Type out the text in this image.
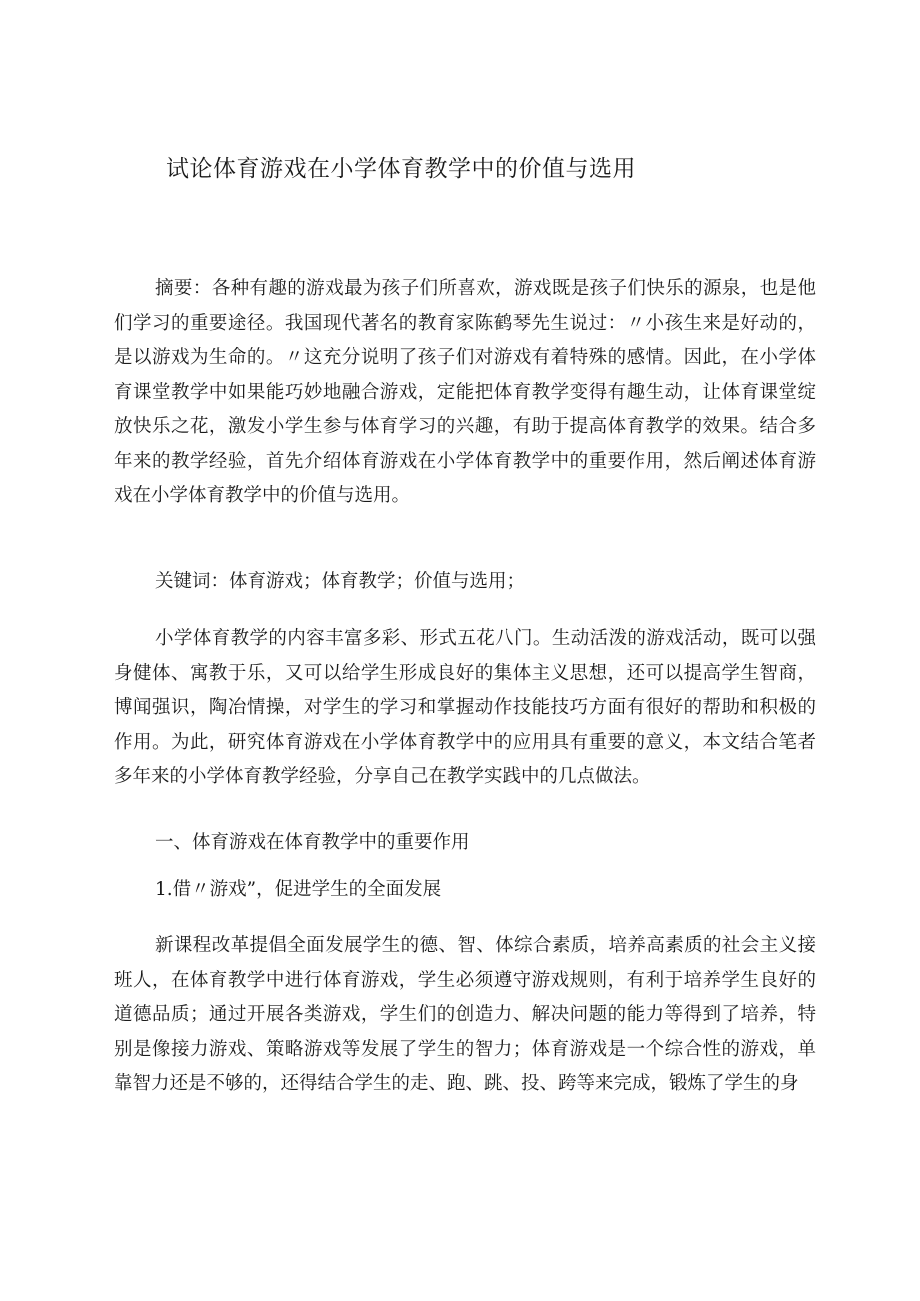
试论体育游戏在小学体育教学中的价值与选用

摘要：各种有趣的游戏最为孩子们所喜欢，游戏既是孩子们快乐的源泉，也是他们学习的重要途径。我国现代著名的教育家陈鹤琴先生说过：〃小孩生来是好动的，是以游戏为生命的。〃这充分说明了孩子们对游戏有着特殊的感情。因此，在小学体育课堂教学中如果能巧妙地融合游戏，定能把体育教学变得有趣生动，让体育课堂绽放快乐之花，激发小学生参与体育学习的兴趣，有助于提高体育教学的效果。结合多年来的教学经验，首先介绍体育游戏在小学体育教学中的重要作用，然后阐述体育游戏在小学体育教学中的价值与选用。

关键词：体育游戏；体育教学；价值与选用；

小学体育教学的内容丰富多彩、形式五花八门。生动活泼的游戏活动，既可以强身健体、寓教于乐，又可以给学生形成良好的集体主义思想，还可以提高学生智商，博闻强识，陶冶情操，对学生的学习和掌握动作技能技巧方面有很好的帮助和积极的作用。为此，研究体育游戏在小学体育教学中的应用具有重要的意义，本文结合笔者多年来的小学体育教学经验，分享自己在教学实践中的几点做法。

一、体育游戏在体育教学中的重要作用

1.借〃游戏”，促进学生的全面发展

新课程改革提倡全面发展学生的德、智、体综合素质，培养高素质的社会主义接班人，在体育教学中进行体育游戏，学生必须遵守游戏规则，有利于培养学生良好的道德品质；通过开展各类游戏，学生们的创造力、解决问题的能力等得到了培养，特别是像接力游戏、策略游戏等发展了学生的智力；体育游戏是一个综合性的游戏，单靠智力还是不够的，还得结合学生的走、跑、跳、投、跨等来完成，锻炼了学生的身
